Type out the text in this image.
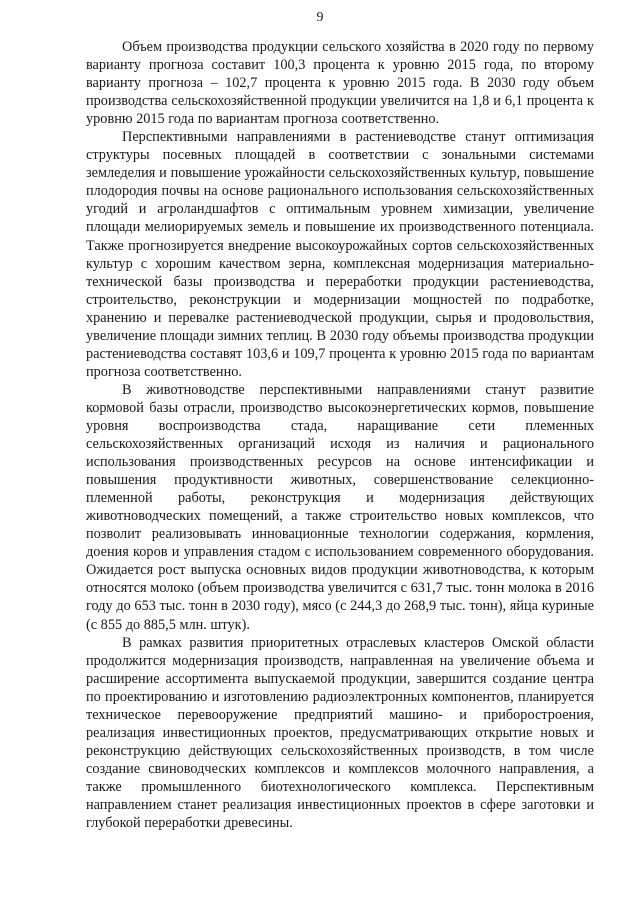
9

Объем производства продукции сельского хозяйства в 2020 году по первому варианту прогноза составит 100,3 процента к уровню 2015 года, по второму варианту прогноза – 102,7 процента к уровню 2015 года. В 2030 году объем производства сельскохозяйственной продукции увеличится на 1,8 и 6,1 процента к уровню 2015 года по вариантам прогноза соответственно.

Перспективными направлениями в растениеводстве станут оптимизация структуры посевных площадей в соответствии с зональными системами земледелия и повышение урожайности сельскохозяйственных культур, повышение плодородия почвы на основе рационального использования сельскохозяйственных угодий и агроландшафтов с оптимальным уровнем химизации, увеличение площади мелиорируемых земель и повышение их производственного потенциала. Также прогнозируется внедрение высокоурожайных сортов сельскохозяйственных культур с хорошим качеством зерна, комплексная модернизация материально-технической базы производства и переработки продукции растениеводства, строительство, реконструкции и модернизации мощностей по подработке, хранению и перевалке растениеводческой продукции, сырья и продовольствия, увеличение площади зимних теплиц. В 2030 году объемы производства продукции растениеводства составят 103,6 и 109,7 процента к уровню 2015 года по вариантам прогноза соответственно.

В животноводстве перспективными направлениями станут развитие кормовой базы отрасли, производство высокоэнергетических кормов, повышение уровня воспроизводства стада, наращивание сети племенных сельскохозяйственных организаций исходя из наличия и рационального использования производственных ресурсов на основе интенсификации и повышения продуктивности животных, совершенствование селекционно-племенной работы, реконструкция и модернизация действующих животноводческих помещений, а также строительство новых комплексов, что позволит реализовывать инновационные технологии содержания, кормления, доения коров и управления стадом с использованием современного оборудования. Ожидается рост выпуска основных видов продукции животноводства, к которым относятся молоко (объем производства увеличится с 631,7 тыс. тонн молока в 2016 году до 653 тыс. тонн в 2030 году), мясо (с 244,3 до 268,9 тыс. тонн), яйца куриные (с 855 до 885,5 млн. штук).

В рамках развития приоритетных отраслевых кластеров Омской области продолжится модернизация производств, направленная на увеличение объема и расширение ассортимента выпускаемой продукции, завершится создание центра по проектированию и изготовлению радиоэлектронных компонентов, планируется техническое перевооружение предприятий машино- и приборостроения, реализация инвестиционных проектов, предусматривающих открытие новых и реконструкцию действующих сельскохозяйственных производств, в том числе создание свиноводческих комплексов и комплексов молочного направления, а также промышленного биотехнологического комплекса. Перспективным направлением станет реализация инвестиционных проектов в сфере заготовки и глубокой переработки древесины.
